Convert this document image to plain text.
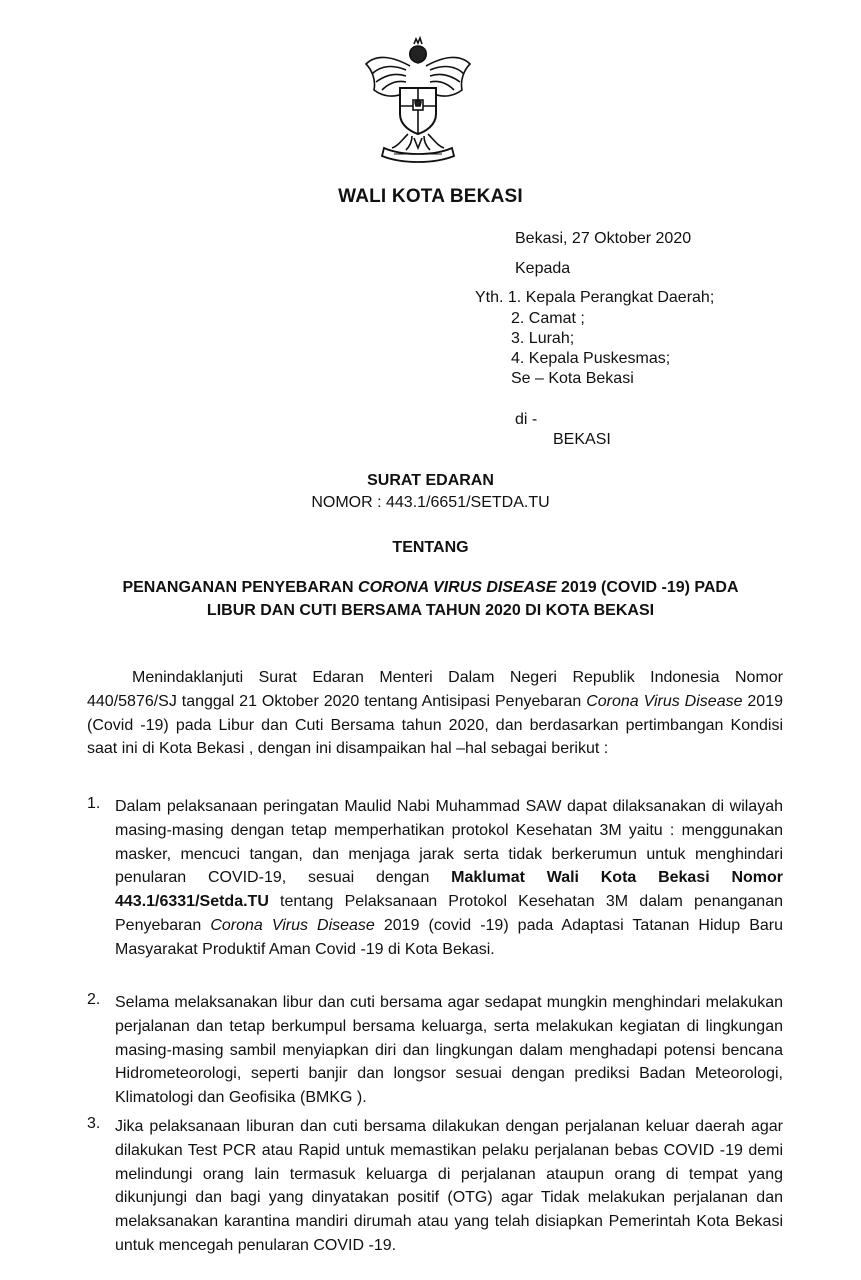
WALI KOTA BEKASI
Bekasi, 27 Oktober 2020
Kepada
Yth. 1. Kepala Perangkat Daerah;
2. Camat ;
3. Lurah;
4. Kepala Puskesmas;
Se – Kota Bekasi
di -
BEKASI
SURAT EDARAN
NOMOR : 443.1/6651/SETDA.TU
TENTANG
PENANGANAN PENYEBARAN CORONA VIRUS DISEASE 2019 (COVID -19) PADA
LIBUR DAN CUTI BERSAMA TAHUN 2020 DI KOTA BEKASI
Menindaklanjuti Surat Edaran Menteri Dalam Negeri Republik Indonesia Nomor 440/5876/SJ tanggal 21 Oktober 2020 tentang Antisipasi Penyebaran Corona Virus Disease 2019 (Covid -19) pada Libur dan Cuti Bersama tahun 2020, dan berdasarkan pertimbangan Kondisi saat ini di Kota Bekasi , dengan ini disampaikan hal –hal sebagai berikut :
1. Dalam pelaksanaan peringatan Maulid Nabi Muhammad SAW dapat dilaksanakan di wilayah masing-masing dengan tetap memperhatikan protokol Kesehatan 3M yaitu : menggunakan masker, mencuci tangan, dan menjaga jarak serta tidak berkerumun untuk menghindari penularan COVID-19, sesuai dengan Maklumat Wali Kota Bekasi Nomor 443.1/6331/Setda.TU tentang Pelaksanaan Protokol Kesehatan 3M dalam penanganan Penyebaran Corona Virus Disease 2019 (covid -19) pada Adaptasi Tatanan Hidup Baru Masyarakat Produktif Aman Covid -19 di Kota Bekasi.
2. Selama melaksanakan libur dan cuti bersama agar sedapat mungkin menghindari melakukan perjalanan dan tetap berkumpul bersama keluarga, serta melakukan kegiatan di lingkungan masing-masing sambil menyiapkan diri dan lingkungan dalam menghadapi potensi bencana Hidrometeorologi, seperti banjir dan longsor sesuai dengan prediksi Badan Meteorologi, Klimatologi dan Geofisika (BMKG ).
3. Jika pelaksanaan liburan dan cuti bersama dilakukan dengan perjalanan keluar daerah agar dilakukan Test PCR atau Rapid untuk memastikan pelaku perjalanan bebas COVID -19 demi melindungi orang lain termasuk keluarga di perjalanan ataupun orang di tempat yang dikunjungi dan bagi yang dinyatakan positif (OTG) agar Tidak melakukan perjalanan dan melaksanakan karantina mandiri dirumah atau yang telah disiapkan Pemerintah Kota Bekasi untuk mencegah penularan COVID -19.
